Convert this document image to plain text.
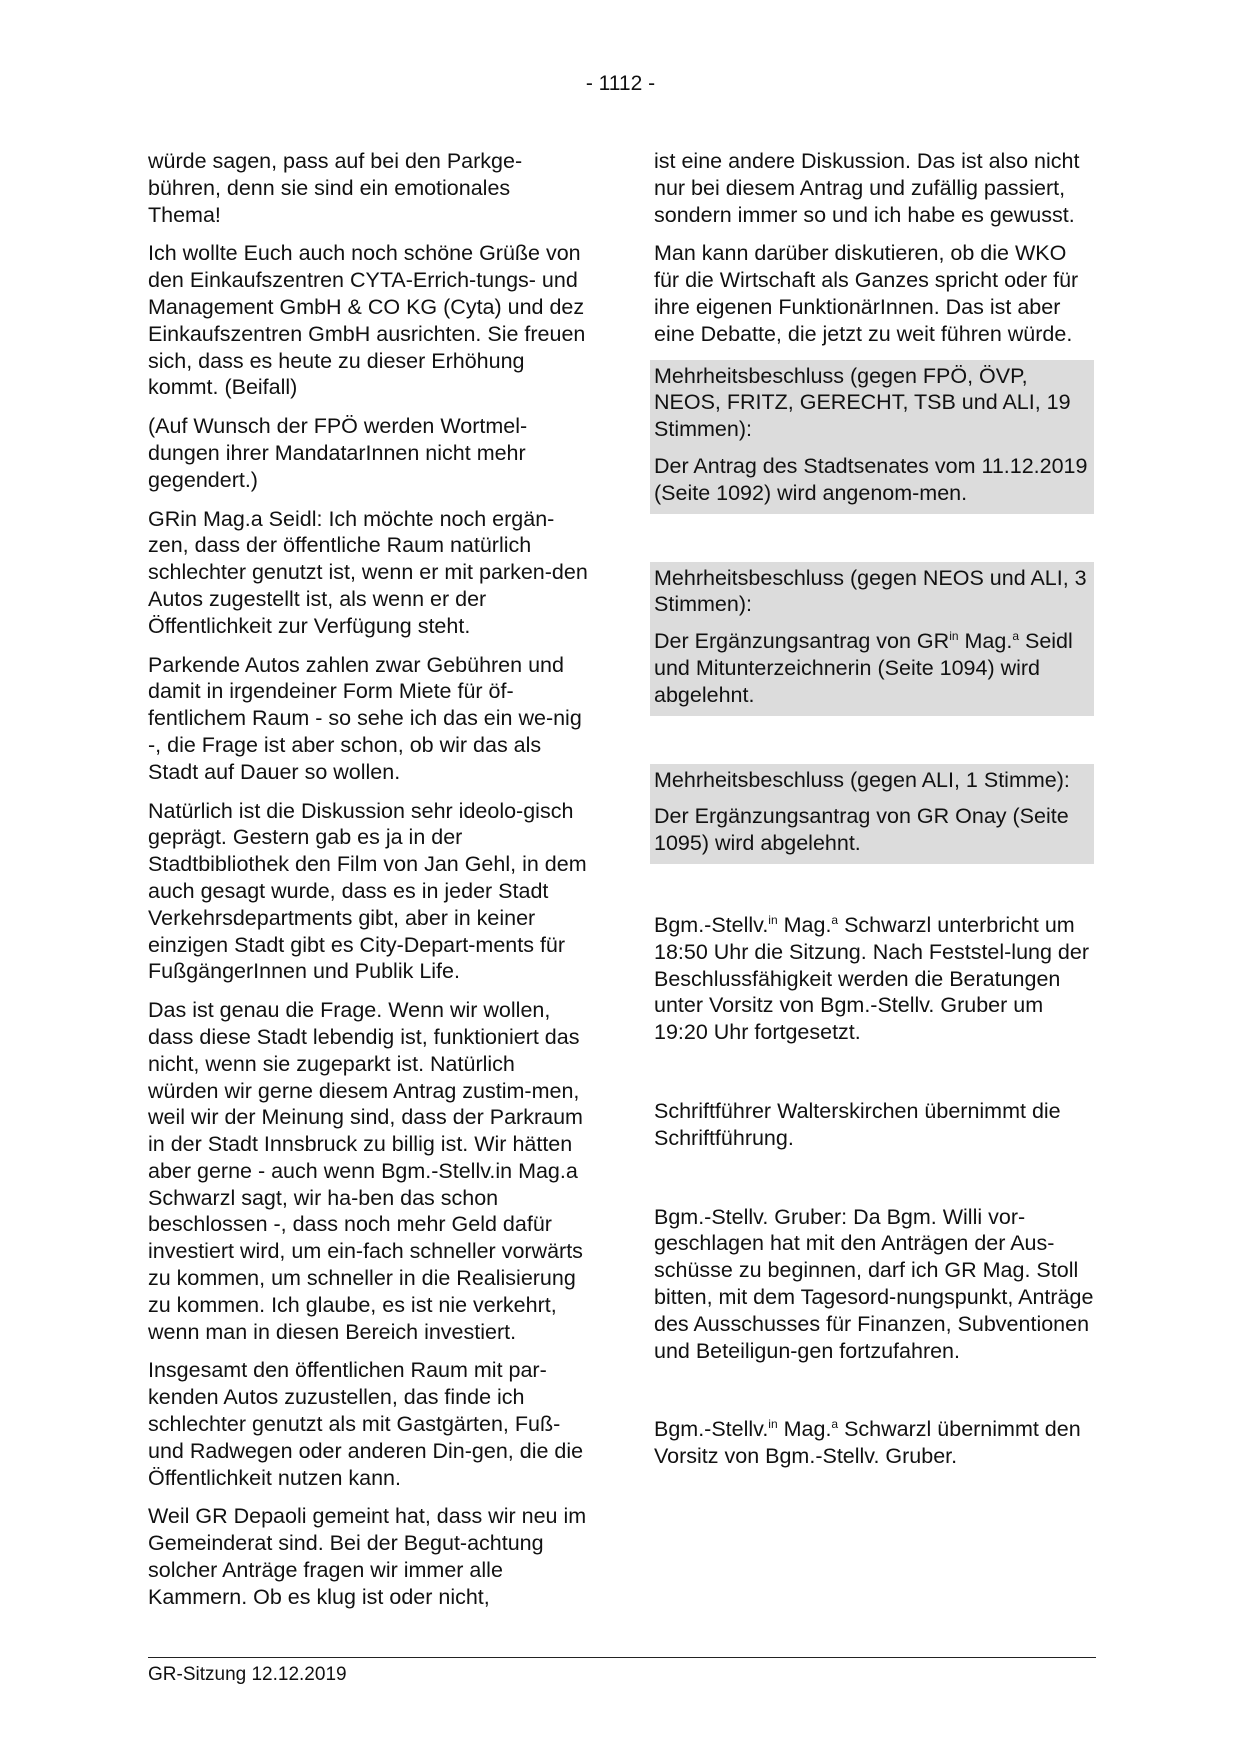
- 1112 -
würde sagen, pass auf bei den Parkge-bühren, denn sie sind ein emotionales Thema!
Ich wollte Euch auch noch schöne Grüße von den Einkaufszentren CYTA-Errich-tungs- und Management GmbH & CO KG (Cyta) und dez Einkaufszentren GmbH ausrichten. Sie freuen sich, dass es heute zu dieser Erhöhung kommt. (Beifall)
(Auf Wunsch der FPÖ werden Wortmel-dungen ihrer MandatarInnen nicht mehr gegendert.)
GRin Mag.a Seidl: Ich möchte noch ergän-zen, dass der öffentliche Raum natürlich schlechter genutzt ist, wenn er mit parken-den Autos zugestellt ist, als wenn er der Öffentlichkeit zur Verfügung steht.
Parkende Autos zahlen zwar Gebühren und damit in irgendeiner Form Miete für öf-fentlichem Raum - so sehe ich das ein we-nig -, die Frage ist aber schon, ob wir das als Stadt auf Dauer so wollen.
Natürlich ist die Diskussion sehr ideolo-gisch geprägt. Gestern gab es ja in der Stadtbibliothek den Film von Jan Gehl, in dem auch gesagt wurde, dass es in jeder Stadt Verkehrsdepartments gibt, aber in keiner einzigen Stadt gibt es City-Depart-ments für FußgängerInnen und Publik Life.
Das ist genau die Frage. Wenn wir wollen, dass diese Stadt lebendig ist, funktioniert das nicht, wenn sie zugeparkt ist. Natürlich würden wir gerne diesem Antrag zustim-men, weil wir der Meinung sind, dass der Parkraum in der Stadt Innsbruck zu billig ist. Wir hätten aber gerne - auch wenn Bgm.-Stellv.in Mag.a Schwarzl sagt, wir ha-ben das schon beschlossen -, dass noch mehr Geld dafür investiert wird, um ein-fach schneller vorwärts zu kommen, um schneller in die Realisierung zu kommen. Ich glaube, es ist nie verkehrt, wenn man in diesen Bereich investiert.
Insgesamt den öffentlichen Raum mit par-kenden Autos zuzustellen, das finde ich schlechter genutzt als mit Gastgärten, Fuß- und Radwegen oder anderen Din-gen, die die Öffentlichkeit nutzen kann.
Weil GR Depaoli gemeint hat, dass wir neu im Gemeinderat sind. Bei der Begut-achtung solcher Anträge fragen wir immer alle Kammern. Ob es klug ist oder nicht,
ist eine andere Diskussion. Das ist also nicht nur bei diesem Antrag und zufällig passiert, sondern immer so und ich habe es gewusst.
Man kann darüber diskutieren, ob die WKO für die Wirtschaft als Ganzes spricht oder für ihre eigenen FunktionärInnen. Das ist aber eine Debatte, die jetzt zu weit führen würde.
Mehrheitsbeschluss (gegen FPÖ, ÖVP, NEOS, FRITZ, GERECHT, TSB und ALI, 19 Stimmen):
Der Antrag des Stadtsenates vom 11.12.2019 (Seite 1092) wird angenom-men.
Mehrheitsbeschluss (gegen NEOS und ALI, 3 Stimmen):
Der Ergänzungsantrag von $GR^{in}$ Mag.$^a$ Seidl und Mitunterzeichnerin (Seite 1094) wird abgelehnt.
Mehrheitsbeschluss (gegen ALI, 1 Stimme):
Der Ergänzungsantrag von GR Onay (Seite 1095) wird abgelehnt.
Bgm.-Stellv.$^{in}$ Mag.$^a$ Schwarzl unterbricht um 18:50 Uhr die Sitzung. Nach Feststel-lung der Beschlussfähigkeit werden die Beratungen unter Vorsitz von Bgm.-Stellv. Gruber um 19:20 Uhr fortgesetzt.
Schriftführer Walterskirchen übernimmt die Schriftführung.
Bgm.-Stellv. Gruber: Da Bgm. Willi vor-geschlagen hat mit den Anträgen der Aus-schüsse zu beginnen, darf ich GR Mag. Stoll bitten, mit dem Tagesord-nungspunkt, Anträge des Ausschusses für Finanzen, Subventionen und Beteiligun-gen fortzufahren.
Bgm.-Stellv.$^{in}$ Mag.$^a$ Schwarzl übernimmt den Vorsitz von Bgm.-Stellv. Gruber.
GR-Sitzung 12.12.2019
